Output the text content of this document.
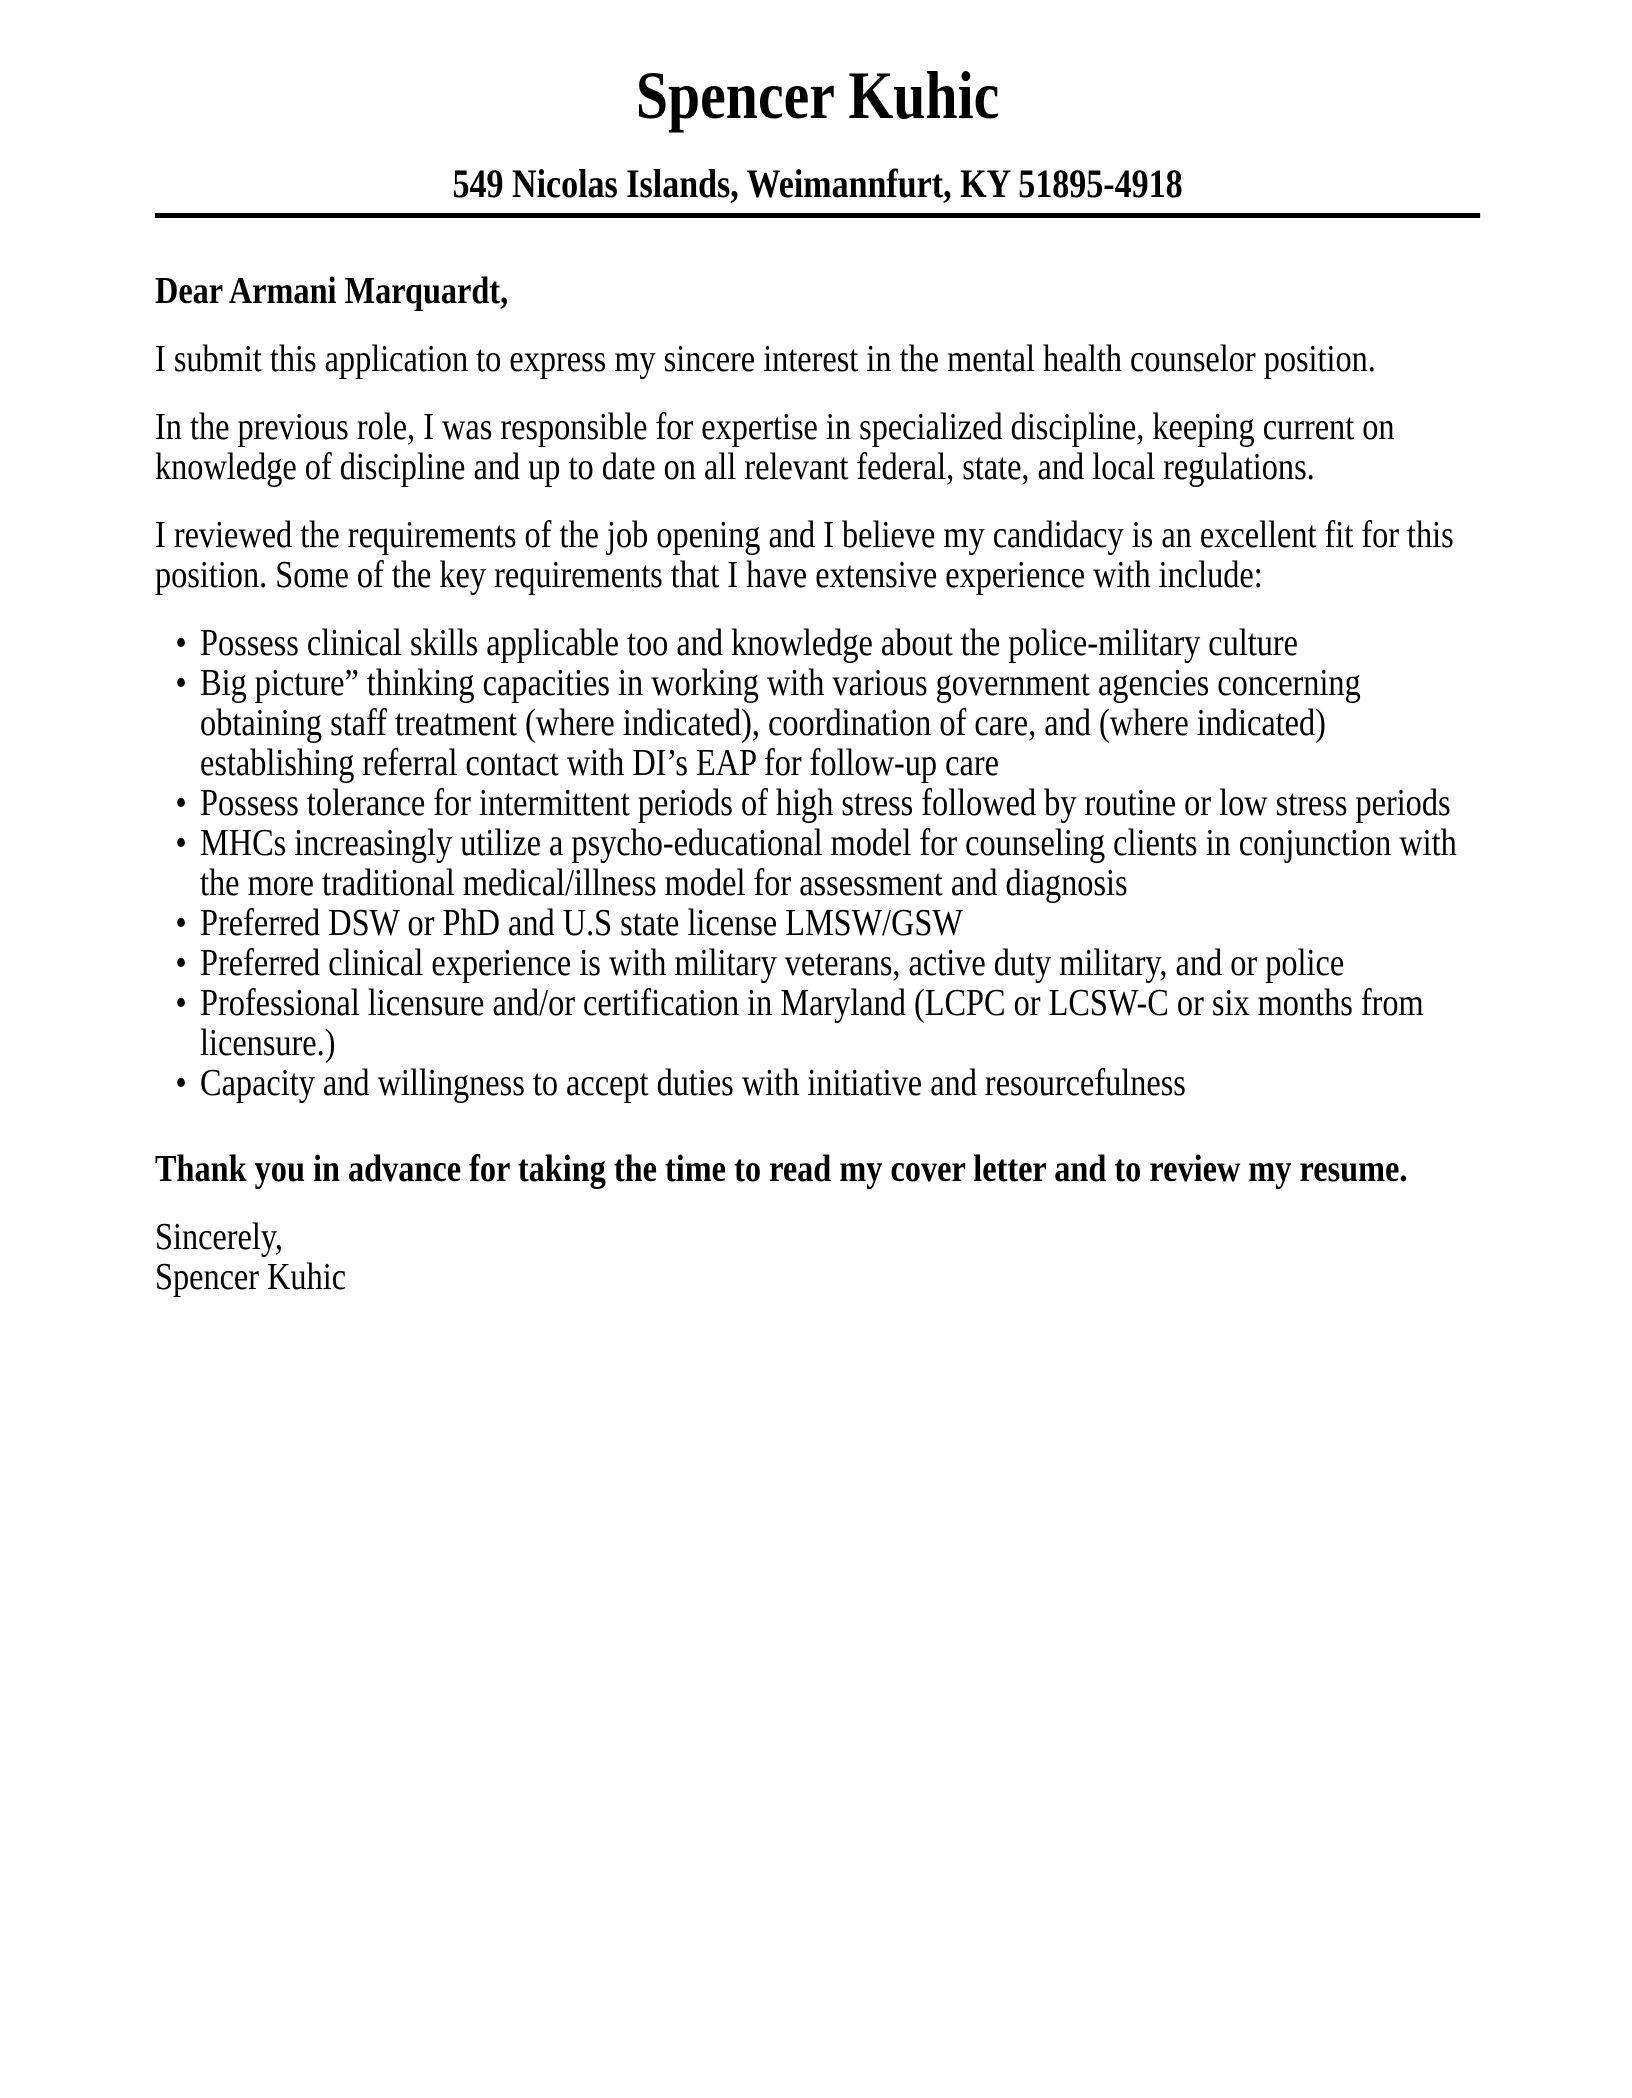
Spencer Kuhic
549 Nicolas Islands, Weimannfurt, KY 51895-4918

Dear Armani Marquardt,

I submit this application to express my sincere interest in the mental health counselor position.

In the previous role, I was responsible for expertise in specialized discipline, keeping current on knowledge of discipline and up to date on all relevant federal, state, and local regulations.

I reviewed the requirements of the job opening and I believe my candidacy is an excellent fit for this position. Some of the key requirements that I have extensive experience with include:

• Possess clinical skills applicable too and knowledge about the police-military culture
• Big picture” thinking capacities in working with various government agencies concerning obtaining staff treatment (where indicated), coordination of care, and (where indicated) establishing referral contact with DI’s EAP for follow-up care
• Possess tolerance for intermittent periods of high stress followed by routine or low stress periods
• MHCs increasingly utilize a psycho-educational model for counseling clients in conjunction with the more traditional medical/illness model for assessment and diagnosis
• Preferred DSW or PhD and U.S state license LMSW/GSW
• Preferred clinical experience is with military veterans, active duty military, and or police
• Professional licensure and/or certification in Maryland (LCPC or LCSW-C or six months from licensure.)
• Capacity and willingness to accept duties with initiative and resourcefulness

Thank you in advance for taking the time to read my cover letter and to review my resume.

Sincerely,
Spencer Kuhic
